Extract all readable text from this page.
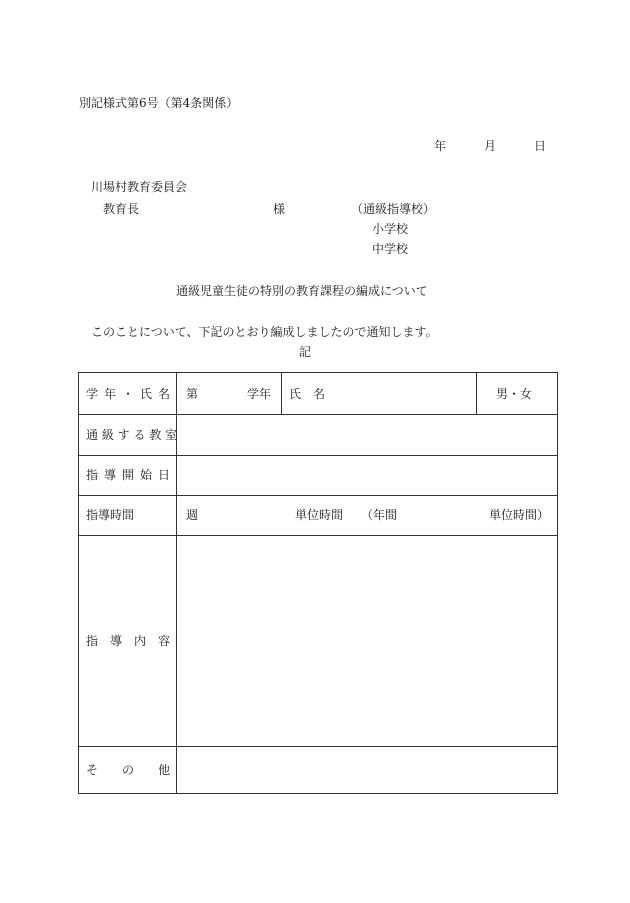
別記様式第6号（第4条関係）
年	月	日
川場村教育委員会
教育長	様	（通級指導校）
小学校
中学校
通級児童生徒の特別の教育課程の編成について
このことについて、下記のとおり編成しましたので通知します。
記
学 年 ・ 氏 名 第	学年 氏　名	男・女
通 級 す る 教 室
指 導 開 始 日
指導時間	週	単位時間 （年間	単位時間）
指 導 内 容
そ の 他
